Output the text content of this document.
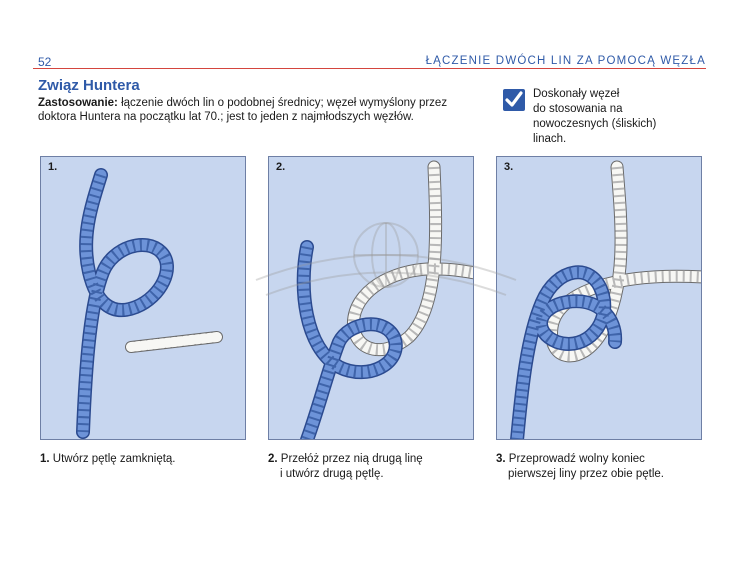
52	ŁĄCZENIE DWÓCH LIN ZA POMOCĄ WĘZŁA
Związ Huntera
Zastosowanie: łączenie dwóch lin o podobnej średnicy; węzeł wymyślony przez doktora Huntera na początku lat 70.; jest to jeden z najmłodszych węzłów.
Doskonały węzeł
do stosowania na
nowoczesnych (śliskich)
linach.
1.	2.	3.
1. Utwórz pętlę zamkniętą.	2. Przełóż przez nią drugą linę
i utwórz drugą pętlę.
3. Przeprowadź wolny koniec
pierwszej liny przez obie pętle.
